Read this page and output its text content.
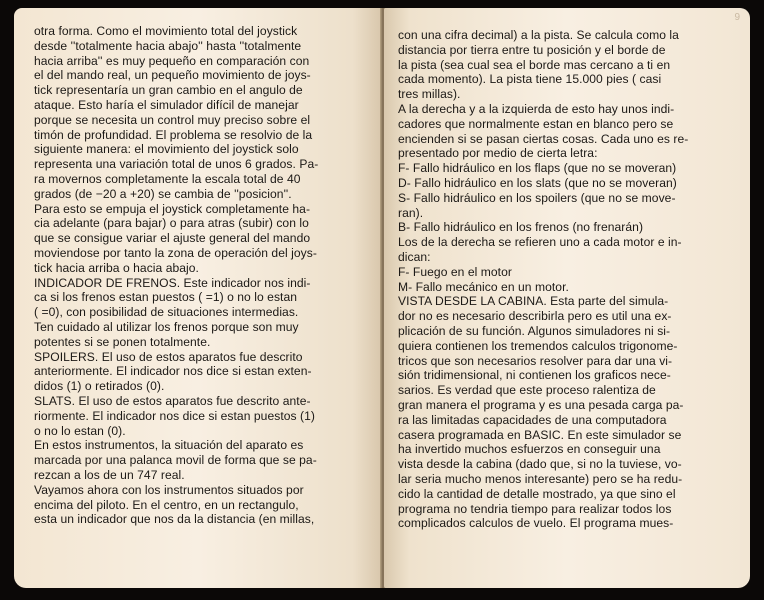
9
otra forma. Como el movimiento total del joystick
desde ''totalmente hacia abajo'' hasta ''totalmente
hacia arriba'' es muy pequeño en comparación con
el del mando real, un pequeño movimiento de joys-
tick representaría un gran cambio en el angulo de
ataque. Esto haría el simulador difícil de manejar
porque se necesita un control muy preciso sobre el
timón de profundidad. El problema se resolvio de la
siguiente manera: el movimiento del joystick solo
representa una variación total de unos 6 grados. Pa-
ra movernos completamente la escala total de 40
grados (de −20 a +20) se cambia de ''posicion''.
Para esto se empuja el joystick completamente ha-
cia adelante (para bajar) o para atras (subir) con lo
que se consigue variar el ajuste general del mando
moviendose por tanto la zona de operación del joys-
tick hacia arriba o hacia abajo.
INDICADOR DE FRENOS. Este indicador nos indi-
ca si los frenos estan puestos ( =1) o no lo estan
( =0), con posibilidad de situaciones intermedias.
Ten cuidado al utilizar los frenos porque son muy
potentes si se ponen totalmente.
SPOILERS. El uso de estos aparatos fue descrito
anteriormente. El indicador nos dice si estan exten-
didos (1) o retirados (0).
SLATS. El uso de estos aparatos fue descrito ante-
riormente. El indicador nos dice si estan puestos (1)
o no lo estan (0).
En estos instrumentos, la situación del aparato es
marcada por una palanca movil de forma que se pa-
rezcan a los de un 747 real.
Vayamos ahora con los instrumentos situados por
encima del piloto. En el centro, en un rectangulo,
esta un indicador que nos da la distancia (en millas,
con una cifra decimal) a la pista. Se calcula como la
distancia por tierra entre tu posición y el borde de
la pista (sea cual sea el borde mas cercano a ti en
cada momento). La pista tiene 15.000 pies ( casi
tres millas).
A la derecha y a la izquierda de esto hay unos indi-
cadores que normalmente estan en blanco pero se
encienden si se pasan ciertas cosas. Cada uno es re-
presentado por medio de cierta letra:
F- Fallo hidráulico en los flaps (que no se moveran)
D- Fallo hidráulico en los slats (que no se moveran)
S- Fallo hidráulico en los spoilers (que no se move-
ran).
B- Fallo hidráulico en los frenos (no frenarán)
Los de la derecha se refieren uno a cada motor e in-
dican:
F- Fuego en el motor
M- Fallo mecánico en un motor.
VISTA DESDE LA CABINA. Esta parte del simula-
dor no es necesario describirla pero es util una ex-
plicación de su función. Algunos simuladores ni si-
quiera contienen los tremendos calculos trigonome-
tricos que son necesarios resolver para dar una vi-
sión tridimensional, ni contienen los graficos nece-
sarios. Es verdad que este proceso ralentiza de
gran manera el programa y es una pesada carga pa-
ra las limitadas capacidades de una computadora
casera programada en BASIC. En este simulador se
ha invertido muchos esfuerzos en conseguir una
vista desde la cabina (dado que, si no la tuviese, vo-
lar seria mucho menos interesante) pero se ha redu-
cido la cantidad de detalle mostrado, ya que sino el
programa no tendria tiempo para realizar todos los
complicados calculos de vuelo. El programa mues-
